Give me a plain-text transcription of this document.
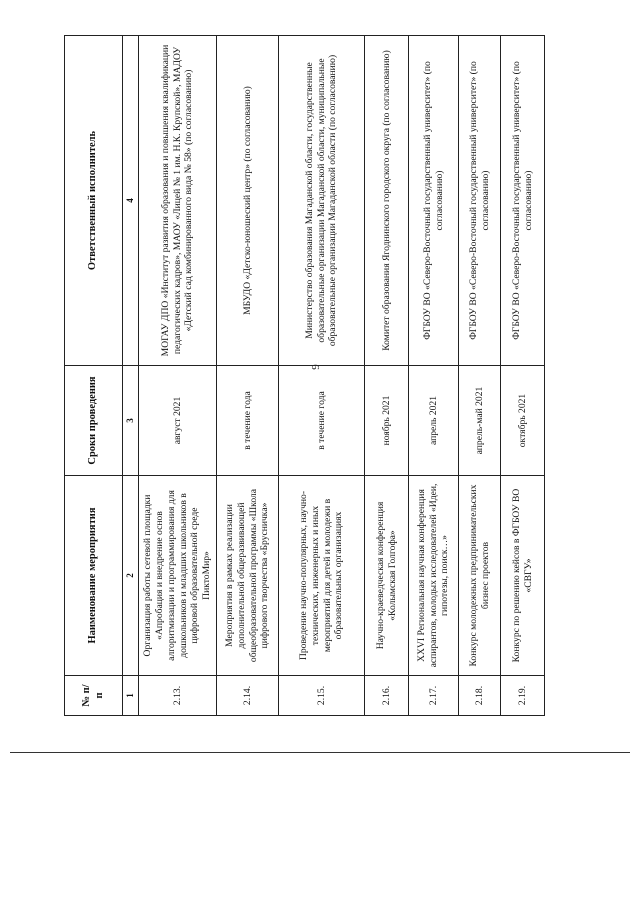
9
№ п/п	Наименование мероприятия	Сроки проведения	Ответственный исполнитель
1	2	3	4
2.13.	Организация работы сетевой площадки «Апробация и внедрение основ алгоритмизации и программирования для дошкольников и младших школьников в цифровой образовательной среде ПиктоМир»	август 2021	МОГАУ ДПО «Институт развития образования и повышения квалификации педагогических кадров», МАОУ «Лицей № 1 им. Н.К. Крупской», МАДОУ «Детский сад комбинированного вида № 58» (по согласованию)
2.14.	Мероприятия в рамках реализации дополнительной общеразвивающей общеобразовательной программы «Школа цифрового творчества «Брусничка»	в течение года	МБУДО «Детско-юношеский центр» (по согласованию)
2.15.	Проведение научно-популярных, научно-технических, инженерных и иных мероприятий для детей и молодежи в образовательных организациях	в течение года	Министерство образования Магаданской области, государственные образовательные организации Магаданской области, муниципальные образовательные организации Магаданской области (по согласованию)
2.16.	Научно-краеведческая конференция «Колымская Голгофа»	ноябрь 2021	Комитет образования Ягоднинского городского округа (по согласованию)
2.17.	XXVI Региональная научная конференция аспирантов, молодых исследователей «Идеи, гипотезы, поиск…»	апрель 2021	ФГБОУ ВО «Северо-Восточный государственный университет» (по согласованию)
2.18.	Конкурс молодежных предпринимательских бизнес проектов	апрель-май 2021	ФГБОУ ВО «Северо-Восточный государственный университет» (по согласованию)
2.19.	Конкурс по решению кейсов в ФГБОУ ВО «СВГУ»	октябрь 2021	ФГБОУ ВО «Северо-Восточный государственный университет» (по согласованию)
